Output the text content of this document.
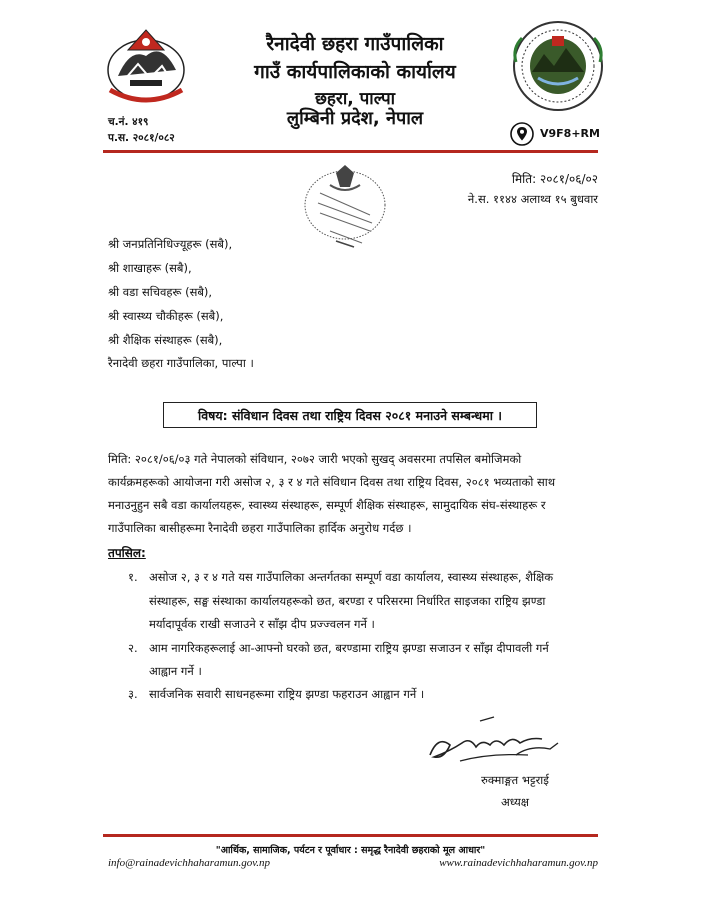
रैनादेवी छहरा गाउँपालिका
गाउँ कार्यपालिकाको कार्यालय
छहरा, पाल्पा
लुम्बिनी प्रदेश, नेपाल
च.नं. ४१९
प.स. २०८१/०८२	V9F8+RM
मिति: २०८१/०६/०२
ने.स. ११४४ अलाथ्व १५ बुधवार
श्री जनप्रतिनिधिज्यूहरू (सबै),
श्री शाखाहरू (सबै),
श्री वडा सचिवहरू (सबै),
श्री स्वास्थ्य चौकीहरू (सबै),
श्री शैक्षिक संस्थाहरू (सबै),
रैनादेवी छहरा गाउँपालिका, पाल्पा ।
विषय: संविधान दिवस तथा राष्ट्रिय दिवस २०८१ मनाउने सम्बन्धमा ।
मिति: २०८१/०६/०३ गते नेपालको संविधान, २०७२ जारी भएको सुखद् अवसरमा तपसिल बमोजिमको
कार्यक्रमहरूको आयोजना गरी असोज २, ३ र ४ गते संविधान दिवस तथा राष्ट्रिय दिवस, २०८१ भव्यताको साथ
मनाउनुहुन सबै वडा कार्यालयहरू, स्वास्थ्य संस्थाहरू, सम्पूर्ण शैक्षिक संस्थाहरू, सामुदायिक संघ-संस्थाहरू र
गाउँपालिका बासीहरूमा रैनादेवी छहरा गाउँपालिका हार्दिक अनुरोध गर्दछ ।
तपसिल:
१. असोज २, ३ र ४ गते यस गाउँपालिका अन्तर्गतका सम्पूर्ण वडा कार्यालय, स्वास्थ्य संस्थाहरू, शैक्षिक
संस्थाहरू, सङ्घ संस्थाका कार्यालयहरूको छत, बरण्डा र परिसरमा निर्धारित साइजका राष्ट्रिय झण्डा
मर्यादापूर्वक राखी सजाउने र साँझ दीप प्रज्ज्वलन गर्ने ।
२. आम नागरिकहरूलाई आ-आफ्नो घरको छत, बरण्डामा राष्ट्रिय झण्डा सजाउन र साँझ दीपावली गर्न
आह्वान गर्ने ।
३. सार्वजनिक सवारी साधनहरूमा राष्ट्रिय झण्डा फहराउन आह्वान गर्ने ।
रुक्माङ्गत भट्टराई
अध्यक्ष
"आर्थिक, सामाजिक, पर्यटन र पूर्वाधार : समृद्ध रैनादेवी छहराको मूल आधार"
info@rainadevichhaharamun.gov.np	www.rainadevichhaharamun.gov.np
